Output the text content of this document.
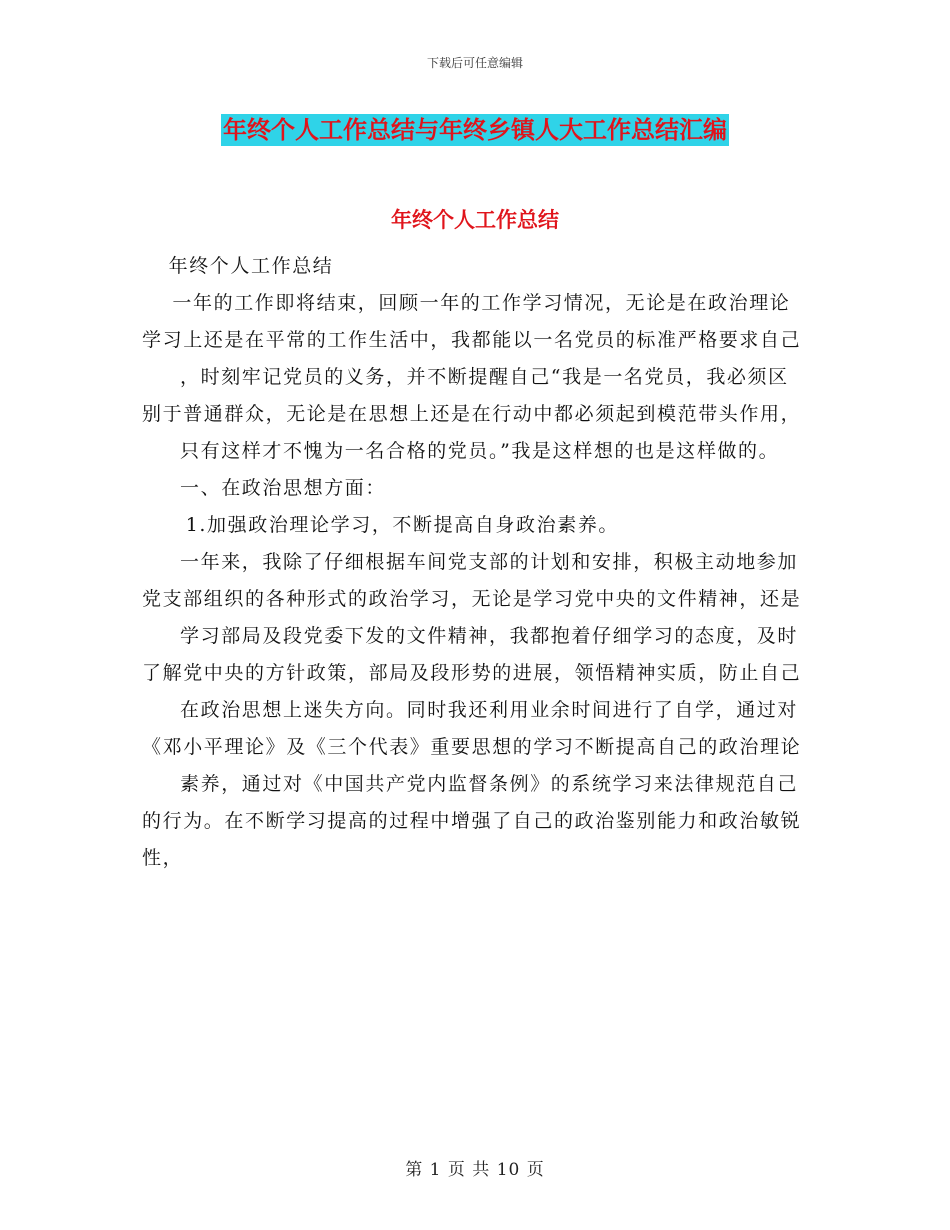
下载后可任意编辑
年终个人工作总结与年终乡镇人大工作总结汇编
年终个人工作总结

年终个人工作总结

一年的工作即将结束，回顾一年的工作学习情况，无论是在政治理论学习上还是在平常的工作生活中，我都能以一名党员的标准严格要求自己

，时刻牢记党员的义务，并不断提醒自己“我是一名党员，我必须区别于普通群众，无论是在思想上还是在行动中都必须起到模范带头作用，

只有这样才不愧为一名合格的党员。”我是这样想的也是这样做的。

一、在政治思想方面：

1.加强政治理论学习，不断提高自身政治素养。

一年来，我除了仔细根据车间党支部的计划和安排，积极主动地参加党支部组织的各种形式的政治学习，无论是学习党中央的文件精神，还是

学习部局及段党委下发的文件精神，我都抱着仔细学习的态度，及时了解党中央的方针政策，部局及段形势的进展，领悟精神实质，防止自己

在政治思想上迷失方向。同时我还利用业余时间进行了自学，通过对《邓小平理论》及《三个代表》重要思想的学习不断提高自己的政治理论

素养，通过对《中国共产党内监督条例》的系统学习来法律规范自己的行为。在不断学习提高的过程中增强了自己的政治鉴别能力和政治敏锐性，

第 1 页 共 10 页
